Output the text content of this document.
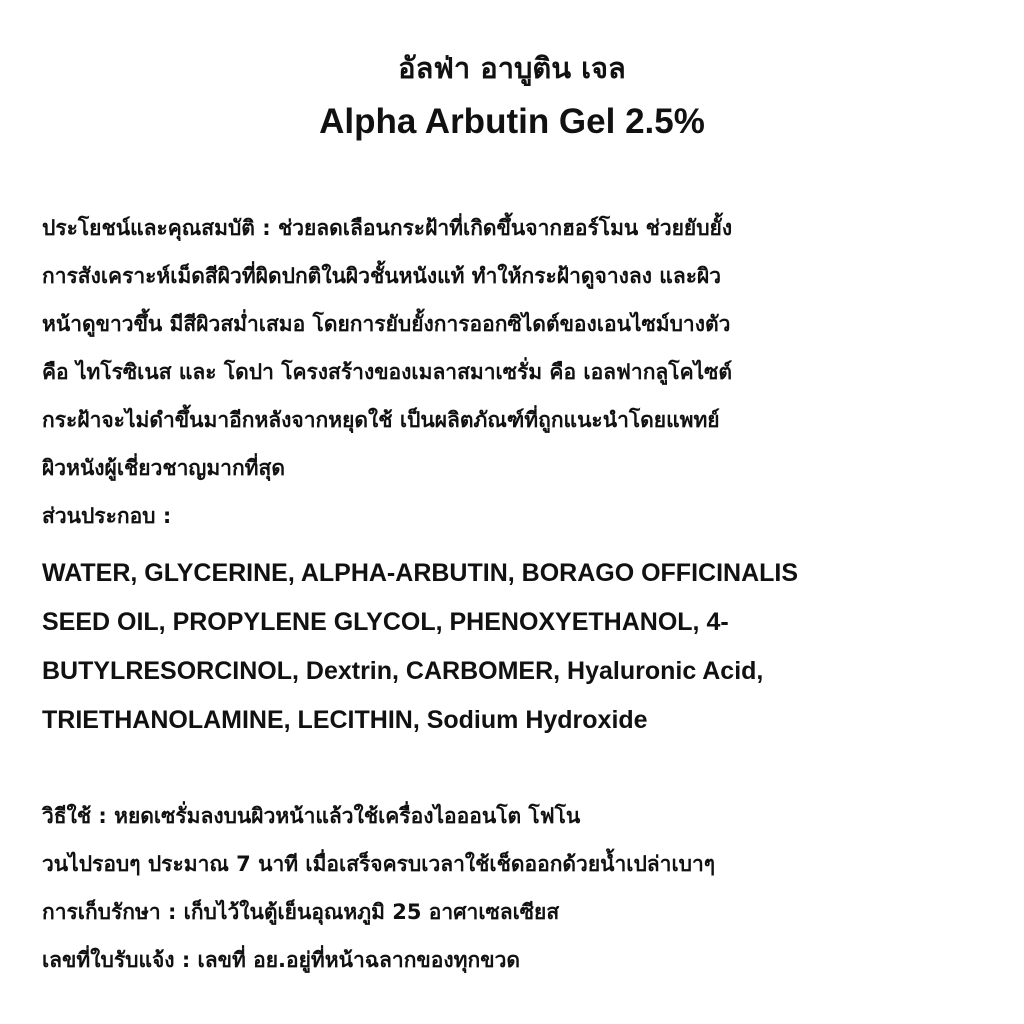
อัลฟ่า อาบูติน เจล
Alpha Arbutin Gel 2.5%
ประโยชน์และคุณสมบัติ : ช่วยลดเลือนกระฝ้าที่เกิดขึ้นจากฮอร์โมน ช่วยยับยั้ง
การสังเคราะห์เม็ดสีผิวที่ผิดปกติในผิวชั้นหนังแท้ ทำให้กระฝ้าดูจางลง และผิว
หน้าดูขาวขึ้น มีสีผิวสม่ำเสมอ โดยการยับยั้งการออกซิไดต์ของเอนไซม์บางตัว
คือ ไทโรซิเนส และ โดปา โครงสร้างของเมลาสมาเซรั่ม คือ เอลฟากลูโคไซต์
กระฝ้าจะไม่ดำขึ้นมาอีกหลังจากหยุดใช้ เป็นผลิตภัณฑ์ที่ถูกแนะนำโดยแพทย์
ผิวหนังผู้เชี่ยวชาญมากที่สุด
ส่วนประกอบ :
WATER, GLYCERINE, ALPHA-ARBUTIN, BORAGO OFFICINALIS
SEED OIL, PROPYLENE GLYCOL, PHENOXYETHANOL, 4-
BUTYLRESORCINOL, Dextrin, CARBOMER, Hyaluronic Acid,
TRIETHANOLAMINE, LECITHIN, Sodium Hydroxide
วิธีใช้ : หยดเซรั่มลงบนผิวหน้าแล้วใช้เครื่องไอออนโต โฟโน
วนไปรอบๆ ประมาณ 7 นาที เมื่อเสร็จครบเวลาใช้เช็ดออกด้วยน้ำเปล่าเบาๆ
การเก็บรักษา : เก็บไว้ในตู้เย็นอุณหภูมิ 25 อาศาเซลเซียส
เลขที่ใบรับแจ้ง : เลขที่ อย.อยู่ที่หน้าฉลากของทุกขวด
